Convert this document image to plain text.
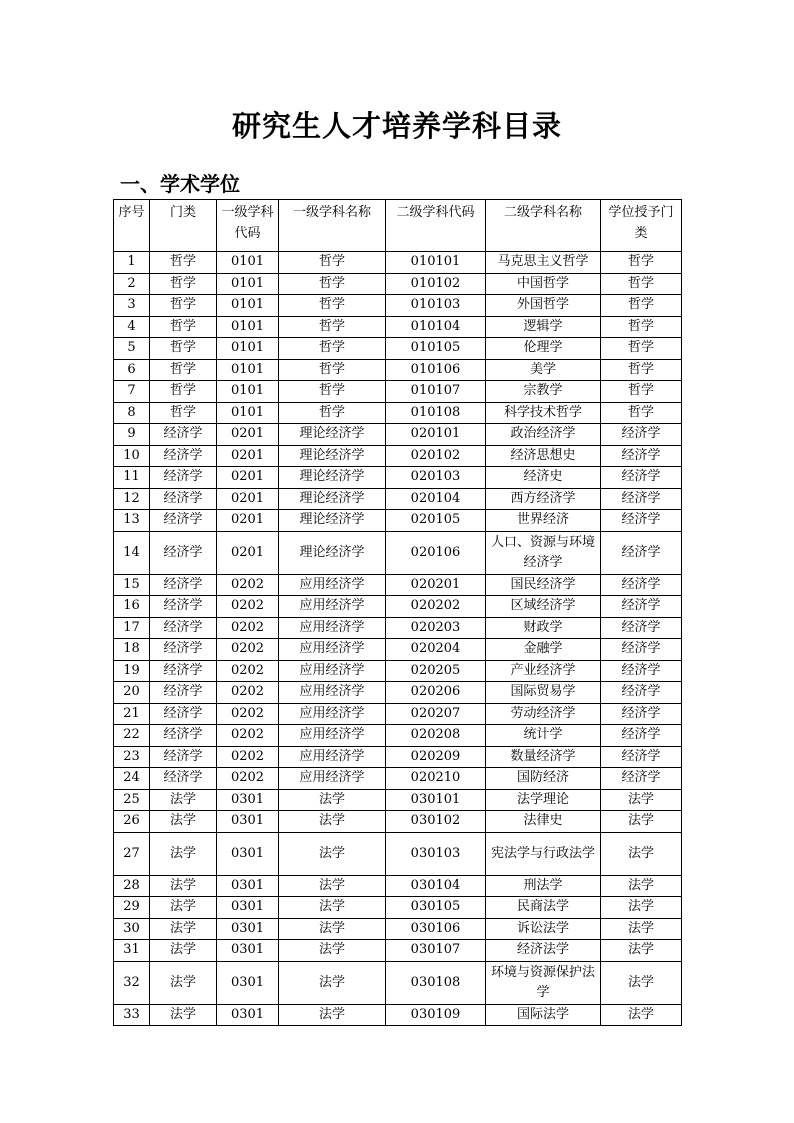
研究生人才培养学科目录
一、学术学位
序号	门类	一级学科代码	一级学科名称	二级学科代码	二级学科名称	学位授予门类
1	哲学	0101	哲学	010101	马克思主义哲学	哲学
2	哲学	0101	哲学	010102	中国哲学	哲学
3	哲学	0101	哲学	010103	外国哲学	哲学
4	哲学	0101	哲学	010104	逻辑学	哲学
5	哲学	0101	哲学	010105	伦理学	哲学
6	哲学	0101	哲学	010106	美学	哲学
7	哲学	0101	哲学	010107	宗教学	哲学
8	哲学	0101	哲学	010108	科学技术哲学	哲学
9	经济学	0201	理论经济学	020101	政治经济学	经济学
10	经济学	0201	理论经济学	020102	经济思想史	经济学
11	经济学	0201	理论经济学	020103	经济史	经济学
12	经济学	0201	理论经济学	020104	西方经济学	经济学
13	经济学	0201	理论经济学	020105	世界经济	经济学
14	经济学	0201	理论经济学	020106	人口、资源与环境经济学	经济学
15	经济学	0202	应用经济学	020201	国民经济学	经济学
16	经济学	0202	应用经济学	020202	区域经济学	经济学
17	经济学	0202	应用经济学	020203	财政学	经济学
18	经济学	0202	应用经济学	020204	金融学	经济学
19	经济学	0202	应用经济学	020205	产业经济学	经济学
20	经济学	0202	应用经济学	020206	国际贸易学	经济学
21	经济学	0202	应用经济学	020207	劳动经济学	经济学
22	经济学	0202	应用经济学	020208	统计学	经济学
23	经济学	0202	应用经济学	020209	数量经济学	经济学
24	经济学	0202	应用经济学	020210	国防经济	经济学
25	法学	0301	法学	030101	法学理论	法学
26	法学	0301	法学	030102	法律史	法学
27	法学	0301	法学	030103	宪法学与行政法学	法学
28	法学	0301	法学	030104	刑法学	法学
29	法学	0301	法学	030105	民商法学	法学
30	法学	0301	法学	030106	诉讼法学	法学
31	法学	0301	法学	030107	经济法学	法学
32	法学	0301	法学	030108	环境与资源保护法学	法学
33	法学	0301	法学	030109	国际法学	法学
